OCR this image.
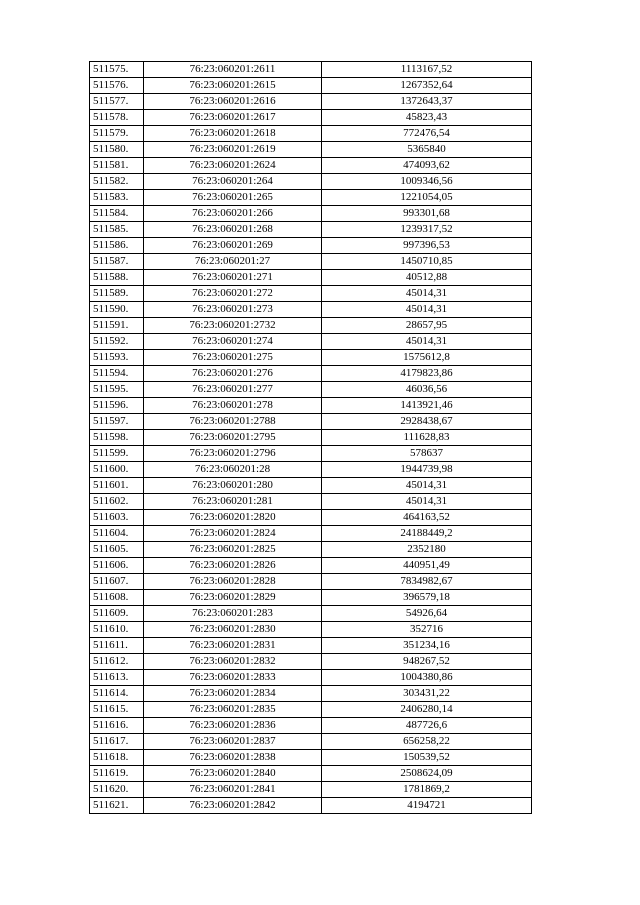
511575.	76:23:060201:2611	1113167,52
511576.	76:23:060201:2615	1267352,64
511577.	76:23:060201:2616	1372643,37
511578.	76:23:060201:2617	45823,43
511579.	76:23:060201:2618	772476,54
511580.	76:23:060201:2619	5365840
511581.	76:23:060201:2624	474093,62
511582.	76:23:060201:264	1009346,56
511583.	76:23:060201:265	1221054,05
511584.	76:23:060201:266	993301,68
511585.	76:23:060201:268	1239317,52
511586.	76:23:060201:269	997396,53
511587.	76:23:060201:27	1450710,85
511588.	76:23:060201:271	40512,88
511589.	76:23:060201:272	45014,31
511590.	76:23:060201:273	45014,31
511591.	76:23:060201:2732	28657,95
511592.	76:23:060201:274	45014,31
511593.	76:23:060201:275	1575612,8
511594.	76:23:060201:276	4179823,86
511595.	76:23:060201:277	46036,56
511596.	76:23:060201:278	1413921,46
511597.	76:23:060201:2788	2928438,67
511598.	76:23:060201:2795	111628,83
511599.	76:23:060201:2796	578637
511600.	76:23:060201:28	1944739,98
511601.	76:23:060201:280	45014,31
511602.	76:23:060201:281	45014,31
511603.	76:23:060201:2820	464163,52
511604.	76:23:060201:2824	24188449,2
511605.	76:23:060201:2825	2352180
511606.	76:23:060201:2826	440951,49
511607.	76:23:060201:2828	7834982,67
511608.	76:23:060201:2829	396579,18
511609.	76:23:060201:283	54926,64
511610.	76:23:060201:2830	352716
511611.	76:23:060201:2831	351234,16
511612.	76:23:060201:2832	948267,52
511613.	76:23:060201:2833	1004380,86
511614.	76:23:060201:2834	303431,22
511615.	76:23:060201:2835	2406280,14
511616.	76:23:060201:2836	487726,6
511617.	76:23:060201:2837	656258,22
511618.	76:23:060201:2838	150539,52
511619.	76:23:060201:2840	2508624,09
511620.	76:23:060201:2841	1781869,2
511621.	76:23:060201:2842	4194721
